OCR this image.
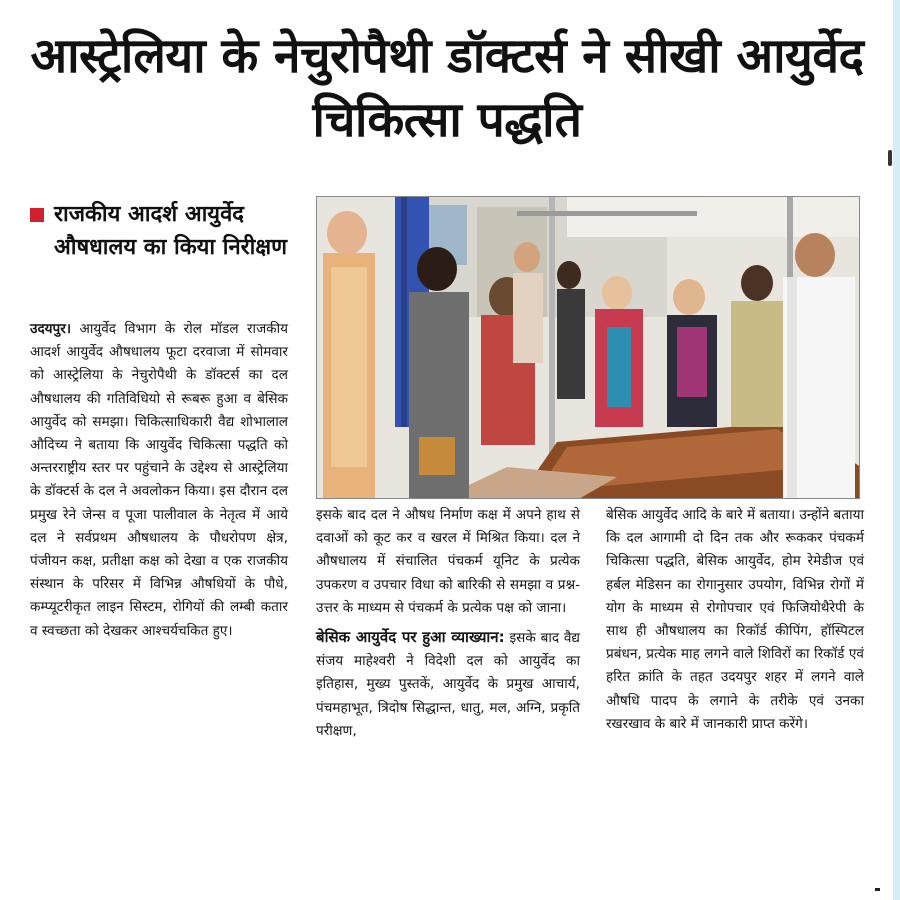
आस्ट्रेलिया के नेचुरोपैथी डॉक्टर्स ने सीखी आयुर्वेद चिकित्सा पद्धति
राजकीय आदर्श आयुर्वेद औषधालय का किया निरीक्षण

उदयपुर। आयुर्वेद विभाग के रोल मॉडल राजकीय आदर्श आयुर्वेद औषधालय फूटा दरवाजा में सोमवार को आस्ट्रेलिया के नेचुरोपैथी के डॉक्टर्स का दल औषधालय की गतिविधियो से रूबरू हुआ व बेसिक आयुर्वेद को समझा। चिकित्साधिकारी वैद्य शोभालाल औदिच्य ने बताया कि आयुर्वेद चिकित्सा पद्धति को अन्तरराष्ट्रीय स्तर पर पहुंचाने के उद्देश्य से आस्ट्रेलिया के डॉक्टर्स के दल ने अवलोकन किया। इस दौरान दल प्रमुख रेने जेन्स व पूजा पालीवाल के नेतृत्व में आये दल ने सर्वप्रथम औषधालय के पौधरोपण क्षेत्र, पंजीयन कक्ष, प्रतीक्षा कक्ष को देखा व एक राजकीय संस्थान के परिसर में विभिन्न औषधियों के पौधे, कम्प्यूटरीकृत लाइन सिस्टम, रोगियों की लम्बी कतार व स्वच्छता को देखकर आश्चर्यचकित हुए।

इसके बाद दल ने औषध निर्माण कक्ष में अपने हाथ से दवाओं को कूट कर व खरल में मिश्रित किया। दल ने औषधालय में संचालित पंचकर्म यूनिट के प्रत्येक उपकरण व उपचार विधा को बारिकी से समझा व प्रश्न-उत्तर के माध्यम से पंचकर्म के प्रत्येक पक्ष को जाना।

बेसिक आयुर्वेद पर हुआ व्याख्यान: इसके बाद वैद्य संजय माहेश्वरी ने विदेशी दल को आयुर्वेद का इतिहास, मुख्य पुस्तकें, आयुर्वेद के प्रमुख आचार्य, पंचमहाभूत, त्रिदोष सिद्धान्त, धातु, मल, अग्नि, प्रकृति परीक्षण,

बेसिक आयुर्वेद आदि के बारे में बताया। उन्होंने बताया कि दल आगामी दो दिन तक और रूककर पंचकर्म चिकित्सा पद्धति, बेसिक आयुर्वेद, होम रेमेडीज एवं हर्बल मेडिसन का रोगानुसार उपयोग, विभिन्न रोगों में योग के माध्यम से रोगोपचार एवं फिजियोथैरेपी के साथ ही औषधालय का रिकॉर्ड कीपिंग, हॉस्पिटल प्रबंधन, प्रत्येक माह लगने वाले शिविरों का रिकॉर्ड एवं हरित क्रांति के तहत उदयपुर शहर में लगने वाले औषधि पादप के लगाने के तरीके एवं उनका रखरखाव के बारे में जानकारी प्राप्त करेंगे।
